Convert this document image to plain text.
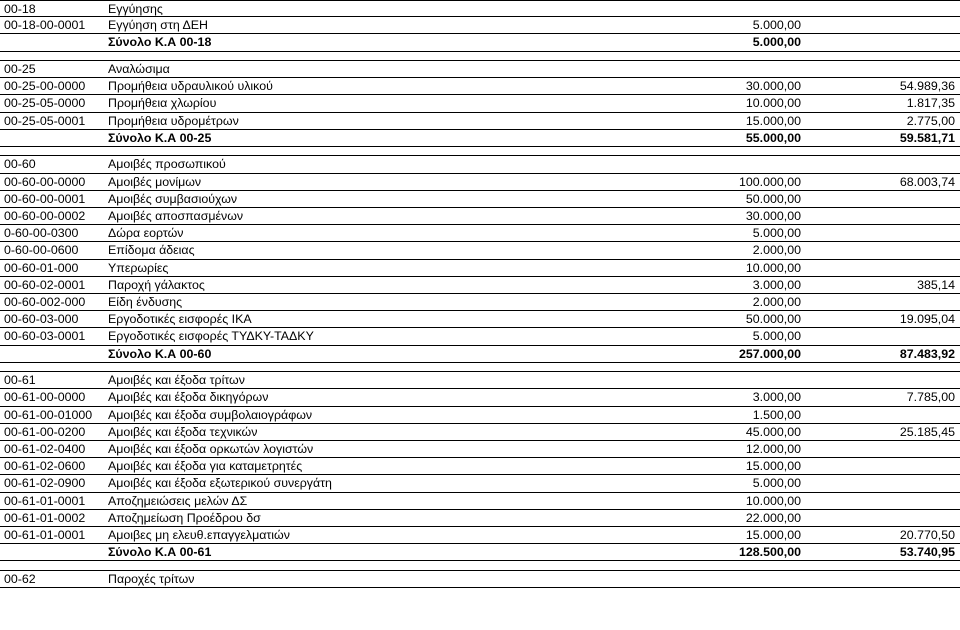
00-18	Εγγύησης
00-18-00-0001 Εγγύηση στη ΔΕΗ	5.000,00
Σύνολο Κ.Α 00-18	5.000,00
00-25	Αναλώσιμα
00-25-00-0000 Προμήθεια υδραυλικού υλικού	30.000,00	54.989,36
00-25-05-0000 Προμήθεια χλωρίου	10.000,00	1.817,35
00-25-05-0001 Προμήθεια υδρομέτρων	15.000,00	2.775,00
Σύνολο Κ.Α 00-25	55.000,00	59.581,71
00-60	Αμοιβές προσωπικού
00-60-00-0000 Αμοιβές μονίμων	100.000,00	68.003,74
00-60-00-0001 Αμοιβές συμβασιούχων	50.000,00
00-60-00-0002 Αμοιβές αποσπασμένων	30.000,00
0-60-00-0300 Δώρα εορτών	5.000,00
0-60-00-0600 Επίδομα άδειας	2.000,00
00-60-01-000 Υπερωρίες	10.000,00
00-60-02-0001 Παροχή γάλακτος	3.000,00	385,14
00-60-002-000 Είδη ένδυσης	2.000,00
00-60-03-000 Εργοδοτικές εισφορές ΙΚΑ	50.000,00	19.095,04
00-60-03-0001 Εργοδοτικές εισφορές ΤΥΔΚΥ-ΤΑΔΚΥ	5.000,00
Σύνολο Κ.Α 00-60	257.000,00	87.483,92
00-61	Αμοιβές και έξοδα τρίτων
00-61-00-0000 Αμοιβές και έξοδα δικηγόρων	3.000,00	7.785,00
00-61-00-01000 Αμοιβές και έξοδα συμβολαιογράφων	1.500,00
00-61-00-0200 Αμοιβές και έξοδα τεχνικών	45.000,00	25.185,45
00-61-02-0400 Αμοιβές και έξοδα ορκωτών λογιστών	12.000,00
00-61-02-0600 Αμοιβές και έξοδα για καταμετρητές	15.000,00
00-61-02-0900 Αμοιβές και έξοδα εξωτερικού συνεργάτη	5.000,00
00-61-01-0001 Αποζημειώσεις μελών ΔΣ	10.000,00
00-61-01-0002 Αποζημείωση Προέδρου δσ	22.000,00
00-61-01-0001 Αμοιβες μη ελευθ.επαγγελματιών	15.000,00	20.770,50
Σύνολο Κ.Α 00-61	128.500,00	53.740,95
00-62	Παροχές τρίτων
